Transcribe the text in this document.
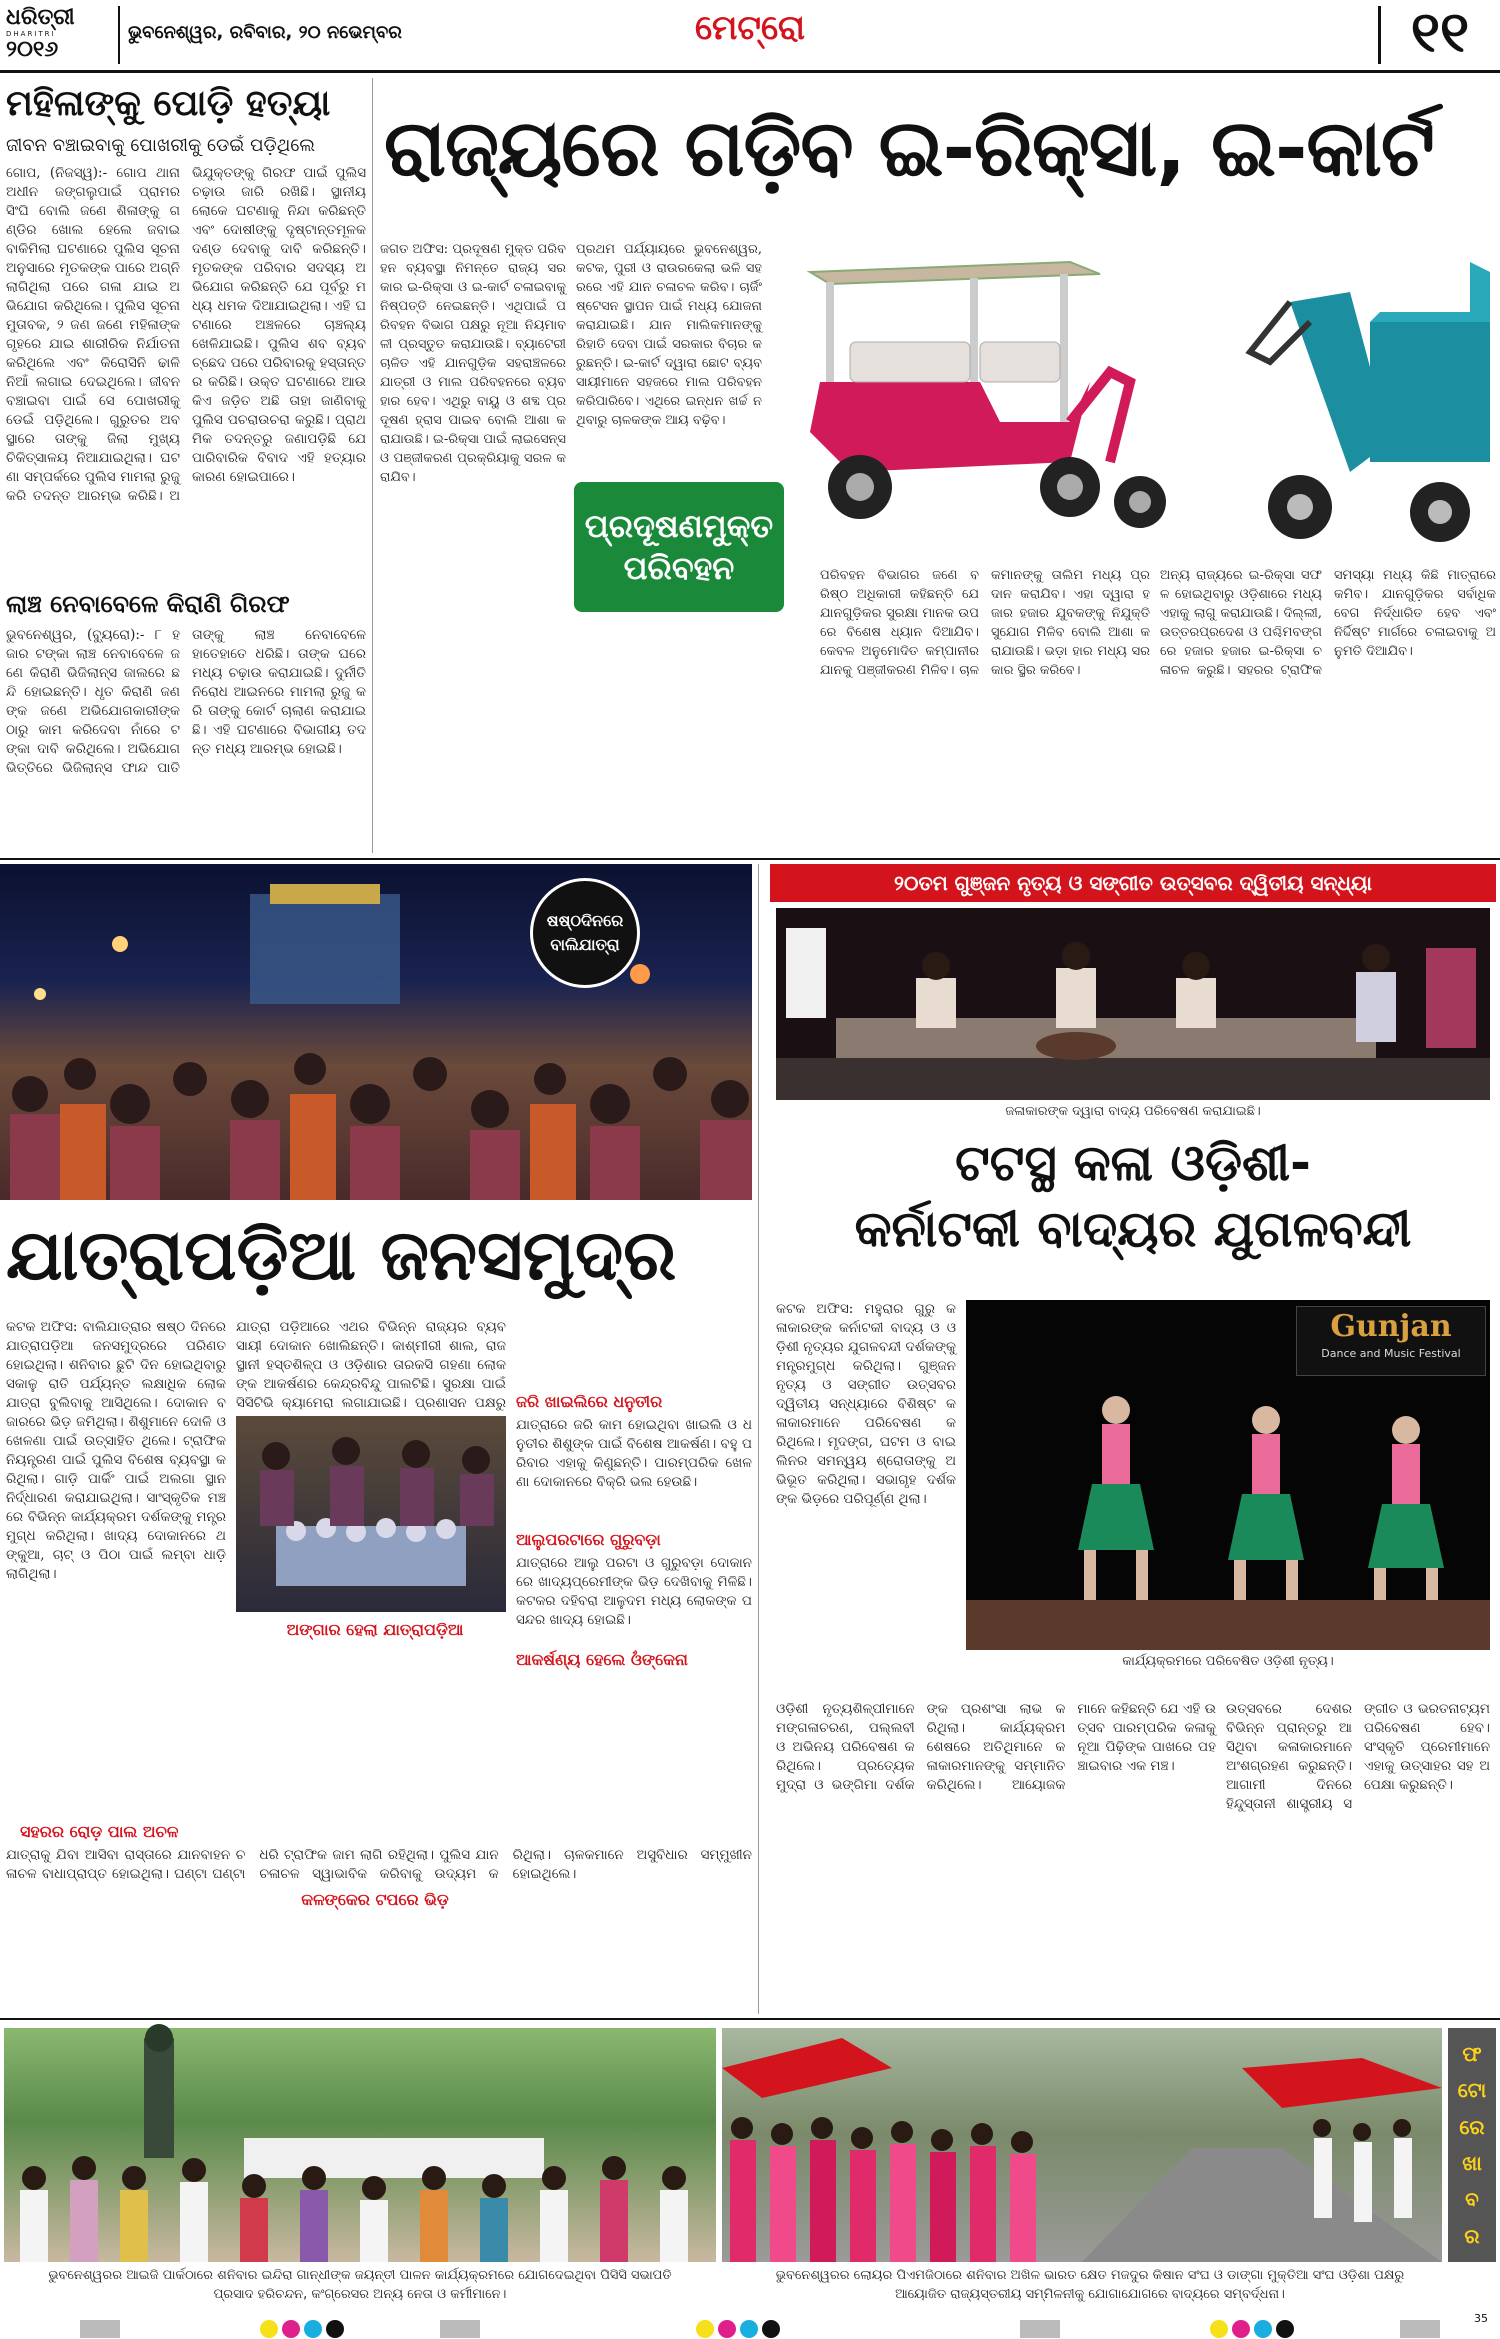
ଧରିତ୍ରୀ
DHARITRI
୨୦୧୬
ଭୁବନେଶ୍ୱର, ରବିବାର, ୨୦ ନଭେମ୍ବର	ମେଟ୍ରୋ	୧୧
ମହିଳାଙ୍କୁ ପୋଡ଼ି ହତ୍ୟା
ଜୀବନ ବଞ୍ଚାଇବାକୁ ପୋଖରୀକୁ ଡେଇଁ ପଡ଼ିଥିଲେ
ଗୋପ, (ନିଜସ୍ୱ):- ଗୋପ ଥାନା ଅଧୀନ ଜଙ୍ଗଲୁପାଇଁ ପ୍ରାମର ସିଂଘି ବୋଲି ଜଣେ ଶିଳାଙ୍କୁ ଗଣ୍ଡିର ଖୋଲ ହେଲେ ଜବାଇ ବାକିମିଲା ଘଟଣାରେ ପୁଲିସ ସୂଚନା ଅନୁସାରେ ମୃତକଙ୍କ ପାରେ ଅଗ୍ନି ଲାଗିଥିଲା ପରେ ଗଳା ଯାଇ ଅଭିଯୋଗ କରିଥିଲେ। ପୁଲିସ ସୂଚନା ମୁତାବକ, ୨ ଜଣ ଜଣେ ମହିଳାଙ୍କ ଗୃହରେ ଯାଇ ଶାରୀରିକ ନିର୍ଯାତନା କରିଥିଲେ ଏବଂ କିରୋସିନି ଢାଳି ନିଆଁ ଲଗାଇ ଦେଇଥିଲେ। ଜୀବନ ବଞ୍ଚାଇବା ପାଇଁ ସେ ପୋଖରୀକୁ ଡେଇଁ ପଡ଼ିଥିଲେ। ଗୁରୁତର ଅବସ୍ଥାରେ ତାଙ୍କୁ ଜିଲା ମୁଖ୍ୟ ଚିକିତ୍ସାଳୟ ନିଆଯାଇଥିଲା। ଘଟଣା ସମ୍ପର୍କରେ ପୁଲିସ ମାମଲା ରୁଜୁ କରି ତଦନ୍ତ ଆରମ୍ଭ କରିଛି। ଅଭିଯୁକ୍ତଙ୍କୁ ଗିରଫ ପାଇଁ ପୁଲିସ ଚଢ଼ାଉ ଜାରି ରଖିଛି। ସ୍ଥାନୀୟ ଲୋକେ ଘଟଣାକୁ ନିନ୍ଦା କରିଛନ୍ତି ଏବଂ ଦୋଷୀଙ୍କୁ ଦୃଷ୍ଟାନ୍ତମୂଳକ ଦଣ୍ଡ ଦେବାକୁ ଦାବି କରିଛନ୍ତି। ମୃତକଙ୍କ ପରିବାର ସଦସ୍ୟ ଅଭିଯୋଗ କରିଛନ୍ତି ଯେ ପୂର୍ବରୁ ମଧ୍ୟ ଧମକ ଦିଆଯାଇଥିଲା। ଏହି ଘଟଣାରେ ଅଞ୍ଚଳରେ ଚାଞ୍ଚଲ୍ୟ ଖେଳିଯାଇଛି। ପୁଲିସ ଶବ ବ୍ୟବଚ୍ଛେଦ ପରେ ପରିବାରକୁ ହସ୍ତାନ୍ତର କରିଛି। ଉକ୍ତ ଘଟଣାରେ ଆଉ କିଏ ଜଡ଼ିତ ଅଛି ତାହା ଜାଣିବାକୁ ପୁଲିସ ପଚରାଉଚରା କରୁଛି। ପ୍ରାଥମିକ ତଦନ୍ତରୁ ଜଣାପଡ଼ିଛି ଯେ ପାରିବାରିକ ବିବାଦ ଏହି ହତ୍ୟାର କାରଣ ହୋଇପାରେ।
ଲାଞ୍ଚ ନେବାବେଳେ କିରାଣି ଗିରଫ
ଭୁବନେଶ୍ୱର, (ବ୍ୟୁରୋ):- ୮ ହଜାର ଟଙ୍କା ଲାଞ୍ଚ ନେବାବେଳେ ଜଣେ କିରାଣି ଭିଜିଲାନ୍ସ ଜାଲରେ ଛନ୍ଦି ହୋଇଛନ୍ତି। ଧୃତ କିରାଣି ଜଣଙ୍କ ଜଣେ ଅଭିଯୋଗକାରୀଙ୍କ ଠାରୁ କାମ କରିଦେବା ନାଁରେ ଟଙ୍କା ଦାବି କରିଥିଲେ। ଅଭିଯୋଗ ଭିତ୍ତିରେ ଭିଜିଲାନ୍ସ ଫାନ୍ଦ ପାତି ତାଙ୍କୁ ଲାଞ୍ଚ ନେବାବେଳେ ହାତେହାତେ ଧରିଛି। ତାଙ୍କ ଘରେ ମଧ୍ୟ ଚଢ଼ାଉ କରାଯାଇଛି। ଦୁର୍ନୀତି ନିରୋଧ ଆଇନରେ ମାମଲା ରୁଜୁ କରି ତାଙ୍କୁ କୋର୍ଟ ଚାଲାଣ କରାଯାଇଛି। ଏହି ଘଟଣାରେ ବିଭାଗୀୟ ତଦନ୍ତ ମଧ୍ୟ ଆରମ୍ଭ ହୋଇଛି।
ରାଜ୍ୟରେ ଗଡ଼ିବ ଇ-ରିକ୍ସା, ଇ-କାର୍ଟ
ଜଗତ ଅଫିସ: ପ୍ରଦୂଷଣ ମୁକ୍ତ ପରିବହନ ବ୍ୟବସ୍ଥା ନିମନ୍ତେ ରାଜ୍ୟ ସରକାର ଇ-ରିକ୍ସା ଓ ଇ-କାର୍ଟ ଚଳାଇବାକୁ ନିଷ୍ପତ୍ତି ନେଇଛନ୍ତି। ଏଥିପାଇଁ ପରିବହନ ବିଭାଗ ପକ୍ଷରୁ ନୂଆ ନିୟମାବଳୀ ପ୍ରସ୍ତୁତ କରାଯାଉଛି। ବ୍ୟାଟେରୀ ଚାଳିତ ଏହି ଯାନଗୁଡ଼ିକ ସହରାଞ୍ଚଳରେ ଯାତ୍ରୀ ଓ ମାଲ ପରିବହନରେ ବ୍ୟବହାର ହେବ। ଏଥିରୁ ବାୟୁ ଓ ଶବ୍ଦ ପ୍ରଦୂଷଣ ହ୍ରାସ ପାଇବ ବୋଲି ଆଶା କରାଯାଉଛି। ଇ-ରିକ୍ସା ପାଇଁ ଲାଇସେନ୍ସ ଓ ପଞ୍ଜୀକରଣ ପ୍ରକ୍ରିୟାକୁ ସରଳ କରାଯିବ।
ପ୍ରଥମ ପର୍ଯ୍ୟାୟରେ ଭୁବନେଶ୍ୱର, କଟକ, ପୁରୀ ଓ ରାଉରକେଲା ଭଳି ସହରରେ ଏହି ଯାନ ଚଳାଚଳ କରିବ। ଚାର୍ଜିଂ ଷ୍ଟେସନ ସ୍ଥାପନ ପାଇଁ ମଧ୍ୟ ଯୋଜନା କରାଯାଇଛି। ଯାନ ମାଲିକମାନଙ୍କୁ ରିହାତି ଦେବା ପାଇଁ ସରକାର ବିଚାର କରୁଛନ୍ତି। ଇ-କାର୍ଟ ଦ୍ୱାରା ଛୋଟ ବ୍ୟବସାୟୀମାନେ ସହଜରେ ମାଲ ପରିବହନ କରିପାରିବେ। ଏଥିରେ ଇନ୍ଧନ ଖର୍ଚ୍ଚ ନ ଥିବାରୁ ଚାଳକଙ୍କ ଆୟ ବଢ଼ିବ।
ପ୍ରଦୂଷଣମୁକ୍ତ ପରିବହନ	ପରିବହନ ବିଭାଗର ଜଣେ ବରିଷ୍ଠ ଅଧିକାରୀ କହିଛନ୍ତି ଯେ ଯାନଗୁଡ଼ିକର ସୁରକ୍ଷା ମାନକ ଉପରେ ବିଶେଷ ଧ୍ୟାନ ଦିଆଯିବ। କେବଳ ଅନୁମୋଦିତ କମ୍ପାନୀର ଯାନକୁ ପଞ୍ଜୀକରଣ ମିଳିବ। ଚାଳକମାନଙ୍କୁ ତାଲିମ ମଧ୍ୟ ପ୍ରଦାନ କରାଯିବ। ଏହା ଦ୍ୱାରା ହଜାର ହଜାର ଯୁବକଙ୍କୁ ନିଯୁକ୍ତି ସୁଯୋଗ ମିଳିବ ବୋଲି ଆଶା କରାଯାଉଛି। ଭଡ଼ା ହାର ମଧ୍ୟ ସରକାର ସ୍ଥିର କରିବେ।
ଅନ୍ୟ ରାଜ୍ୟରେ ଇ-ରିକ୍ସା ସଫଳ ହୋଇଥିବାରୁ ଓଡ଼ିଶାରେ ମଧ୍ୟ ଏହାକୁ ଲାଗୁ କରାଯାଉଛି। ଦିଲ୍ଲୀ, ଉତ୍ତରପ୍ରଦେଶ ଓ ପଶ୍ଚିମବଙ୍ଗରେ ହଜାର ହଜାର ଇ-ରିକ୍ସା ଚଳାଚଳ କରୁଛି। ସହରର ଟ୍ରାଫିକ ସମସ୍ୟା ମଧ୍ୟ କିଛି ମାତ୍ରାରେ କମିବ। ଯାନଗୁଡ଼ିକର ସର୍ବାଧିକ ବେଗ ନିର୍ଦ୍ଧାରିତ ହେବ ଏବଂ ନିର୍ଦ୍ଦିଷ୍ଟ ମାର୍ଗରେ ଚଳାଇବାକୁ ଅନୁମତି ଦିଆଯିବ।
ଷଷ୍ଠଦିନରେ ବାଲିଯାତ୍ରା
ଯାତ୍ରାପଡ଼ିଆ ଜନସମୁଦ୍ର
କଟକ ଅଫିସ: ବାଲିଯାତ୍ରାର ଷଷ୍ଠ ଦିନରେ ଯାତ୍ରାପଡ଼ିଆ ଜନସମୁଦ୍ରରେ ପରିଣତ ହୋଇଥିଲା। ଶନିବାର ଛୁଟି ଦିନ ହୋଇଥିବାରୁ ସକାଳୁ ରାତି ପର୍ଯ୍ୟନ୍ତ ଲକ୍ଷାଧିକ ଲୋକ ଯାତ୍ରା ବୁଲିବାକୁ ଆସିଥିଲେ। ଦୋକାନ ବଜାରରେ ଭିଡ଼ ଜମିଥିଲା। ଶିଶୁମାନେ ଦୋଳି ଓ ଖେଳଣା ପାଇଁ ଉତ୍ସାହିତ ଥିଲେ। ଟ୍ରାଫିକ ନିୟନ୍ତ୍ରଣ ପାଇଁ ପୁଲିସ ବିଶେଷ ବ୍ୟବସ୍ଥା କରିଥିଲା। ଗାଡ଼ି ପାର୍କିଂ ପାଇଁ ଅଲଗା ସ୍ଥାନ ନିର୍ଦ୍ଧାରଣ କରାଯାଇଥିଲା। ସାଂସ୍କୃତିକ ମଞ୍ଚରେ ବିଭିନ୍ନ କାର୍ଯ୍ୟକ୍ରମ ଦର୍ଶକଙ୍କୁ ମନ୍ତ୍ରମୁଗ୍ଧ କରିଥିଲା। ଖାଦ୍ୟ ଦୋକାନରେ ଥଙ୍କୁଆ, ଚାଟ୍ ଓ ପିଠା ପାଇଁ ଲମ୍ବା ଧାଡ଼ି ଲାଗିଥିଲା।
ଯାତ୍ରା ପଡ଼ିଆରେ ଏଥର ବିଭିନ୍ନ ରାଜ୍ୟର ବ୍ୟବସାୟୀ ଦୋକାନ ଖୋଲିଛନ୍ତି। କାଶ୍ମୀରୀ ଶାଲ, ରାଜସ୍ଥାନୀ ହସ୍ତଶିଳ୍ପ ଓ ଓଡ଼ିଶାର ତାରକସି ଗହଣା ଲୋକଙ୍କ ଆକର୍ଷଣର କେନ୍ଦ୍ରବିନ୍ଦୁ ପାଲଟିଛି। ସୁରକ୍ଷା ପାଇଁ ସିସିଟିଭି କ୍ୟାମେରା ଲଗାଯାଇଛି। ପ୍ରଶାସନ ପକ୍ଷରୁ ଜରି ଖାଇଲିରେ ଧନୁତୀର
ଯାତ୍ରାରେ ଜରି କାମ ହୋଇଥିବା ଖାଇଲି ଓ ଧନୁତୀର ଶିଶୁଙ୍କ ପାଇଁ ବିଶେଷ ଆକର୍ଷଣ। ବହୁ ପରିବାର ଏହାକୁ କିଣୁଛନ୍ତି। ପାରମ୍ପରିକ ଖେଳଣା ଦୋକାନରେ ବିକ୍ରି ଭଲ ହେଉଛି।
ଆଲୁପରଟାରେ ଗୁରୁବଡ଼ା
ଯାତ୍ରାରେ ଆଲୁ ପରଟା ଓ ଗୁରୁବଡ଼ା ଦୋକାନରେ ଖାଦ୍ୟପ୍ରେମୀଙ୍କ ଭିଡ଼ ଦେଖିବାକୁ ମିଳିଛି। କଟକର ଦହିବରା ଆଳୁଦମ ମଧ୍ୟ ଲୋକଙ୍କ ପସନ୍ଦର ଖାଦ୍ୟ ହୋଇଛି।
ଅଙ୍ଗାର ହେଲା ଯାତ୍ରାପଡ଼ିଆ
ଆକର୍ଷଣ୍ୟ ହେଲେ ଓଁଙ୍କେନା
ସହରର ରୋଡ଼ ପାଲ ଅଚଳ
କଳଙ୍କେର ଟପରେ ଭିଡ଼
ଯାତ୍ରାକୁ ଯିବା ଆସିବା ରାସ୍ତାରେ ଯାନବାହନ ଚଳାଚଳ ବାଧାପ୍ରାପ୍ତ ହୋଇଥିଲା। ଘଣ୍ଟା ଘଣ୍ଟା ଧରି ଟ୍ରାଫିକ ଜାମ ଲାଗି ରହିଥିଲା। ପୁଲିସ ଯାନ ଚଳାଚଳ ସ୍ୱାଭାବିକ କରିବାକୁ ଉଦ୍ୟମ କରିଥିଲା। ଚାଳକମାନେ ଅସୁବିଧାର ସମ୍ମୁଖୀନ ହୋଇଥିଲେ।
୨୦ତମ ଗୁଞ୍ଜନ ନୃତ୍ୟ ଓ ସଙ୍ଗୀତ ଉତ୍ସବର ଦ୍ୱିତୀୟ ସନ୍ଧ୍ୟା
ଜଳାକାରଙ୍କ ଦ୍ୱାରା ବାଦ୍ୟ ପରିବେଷଣ କରାଯାଇଛି।
ଟଟସ୍ଥ କଳା ଓଡ଼ିଶୀ-
କର୍ନାଟକୀ ବାଦ୍ୟର ଯୁଗଳବନ୍ଦୀ
କଟକ ଅଫିସ: ମହୁରାର ଗୁରୁ କଳାକାରଙ୍କ କର୍ନାଟକୀ ବାଦ୍ୟ ଓ ଓଡ଼ିଶୀ ନୃତ୍ୟର ଯୁଗଳବନ୍ଦୀ ଦର୍ଶକଙ୍କୁ ମନ୍ତ୍ରମୁଗ୍ଧ କରିଥିଲା। ଗୁଞ୍ଜନ ନୃତ୍ୟ ଓ ସଙ୍ଗୀତ ଉତ୍ସବର ଦ୍ୱିତୀୟ ସନ୍ଧ୍ୟାରେ ବିଶିଷ୍ଟ କଳାକାରମାନେ ପରିବେଷଣ କରିଥିଲେ। ମୃଦଙ୍ଗ, ଘଟମ ଓ ବାଇଲିନର ସମନ୍ୱୟ ଶ୍ରୋତାଙ୍କୁ ଅଭିଭୂତ କରିଥିଲା। ସଭାଗୃହ ଦର୍ଶକଙ୍କ ଭିଡ଼ରେ ପରିପୂର୍ଣ୍ଣ ଥିଲା।
Gunjan
Dance and Music Festival
କାର୍ଯ୍ୟକ୍ରମରେ ପରିବେଷିତ ଓଡ଼ିଶୀ ନୃତ୍ୟ।
ଓଡ଼ିଶୀ ନୃତ୍ୟଶିଳ୍ପୀମାନେ ମଙ୍ଗଳାଚରଣ, ପଲ୍ଲବୀ ଓ ଅଭିନୟ ପରିବେଷଣ କରିଥିଲେ। ପ୍ରତ୍ୟେକ ମୁଦ୍ରା ଓ ଭଙ୍ଗିମା ଦର୍ଶକଙ୍କ ପ୍ରଶଂସା ଲାଭ କରିଥିଲା। କାର୍ଯ୍ୟକ୍ରମ ଶେଷରେ ଅତିଥିମାନେ କଳାକାରମାନଙ୍କୁ ସମ୍ମାନିତ କରିଥିଲେ। ଆୟୋଜକମାନେ କହିଛନ୍ତି ଯେ ଏହି ଉତ୍ସବ ପାରମ୍ପରିକ କଳାକୁ ନୂଆ ପିଢ଼ିଙ୍କ ପାଖରେ ପହଞ୍ଚାଇବାର ଏକ ମଞ୍ଚ।
ଉତ୍ସବରେ ଦେଶର ବିଭିନ୍ନ ପ୍ରାନ୍ତରୁ ଆସିଥିବା କଳାକାରମାନେ ଅଂଶଗ୍ରହଣ କରୁଛନ୍ତି। ଆଗାମୀ ଦିନରେ ହିନ୍ଦୁସ୍ତାନୀ ଶାସ୍ତ୍ରୀୟ ସଙ୍ଗୀତ ଓ ଭରତନାଟ୍ୟମ ପରିବେଷଣ ହେବ। ସଂସ୍କୃତି ପ୍ରେମୀମାନେ ଏହାକୁ ଉତ୍ସାହର ସହ ଅପେକ୍ଷା କରୁଛନ୍ତି।
ଫ
ଟୋ
ରେ
ଖା
ବ
ର
ଭୁବନେଶ୍ୱରର ଆଇଜି ପାର୍କଠାରେ ଶନିବାର ଇନ୍ଦିରା ଗାନ୍ଧୀଙ୍କ ଜୟନ୍ତୀ ପାଳନ କାର୍ଯ୍ୟକ୍ରମରେ ଯୋଗଦେଇଥିବା ପିସିସି ସଭାପତି ପ୍ରସାଦ ହରିଚନ୍ଦନ, କଂଗ୍ରେସର ଅନ୍ୟ ନେତା ଓ କର୍ମୀମାନେ।
ଭୁବନେଶ୍ୱରର ଲୋୟର ପିଏମଜିଠାରେ ଶନିବାର ଅଖିଳ ଭାରତ କ୍ଷେତ ମଜଦୁର କିଷାନ ସଂଘ ଓ ଡାଙ୍ଗା ମୁକ୍ତିଆ ସଂଘ ଓଡ଼ିଶା ପକ୍ଷରୁ ଆୟୋଜିତ ରାଜ୍ୟସ୍ତରୀୟ ସମ୍ମିଳନୀକୁ ଯୋଗାଯୋଗରେ ବାଦ୍ୟରେ ସମ୍ବର୍ଦ୍ଧନା।
35
